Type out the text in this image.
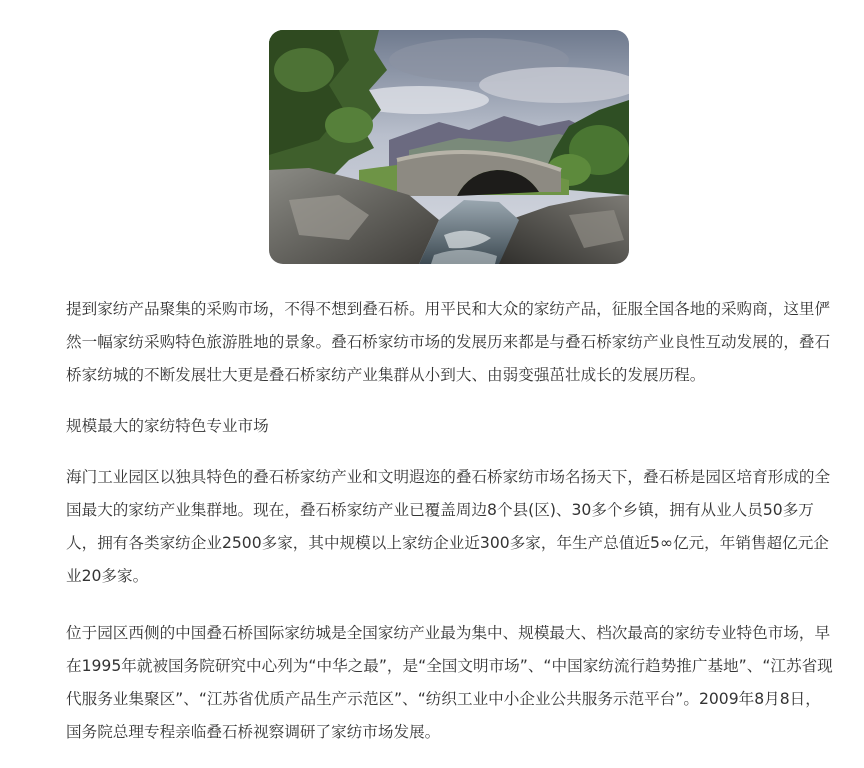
提到家纺产品聚集的采购市场，不得不想到叠石桥。用平民和大众的家纺产品，征服全国各地的采购商，这里俨然一幅家纺采购特色旅游胜地的景象。叠石桥家纺市场的发展历来都是与叠石桥家纺产业良性互动发展的，叠石桥家纺城的不断发展壮大更是叠石桥家纺产业集群从小到大、由弱变强茁壮成长的发展历程。

规模最大的家纺特色专业市场

海门工业园区以独具特色的叠石桥家纺产业和文明遐迩的叠石桥家纺市场名扬天下，叠石桥是园区培育形成的全国最大的家纺产业集群地。现在，叠石桥家纺产业已覆盖周边8个县(区)、30多个乡镇，拥有从业人员50多万人，拥有各类家纺企业2500多家，其中规模以上家纺企业近300多家，年生产总值近5∞亿元，年销售超亿元企业20多家。

位于园区西侧的中国叠石桥国际家纺城是全国家纺产业最为集中、规模最大、档次最高的家纺专业特色市场，早在1995年就被国务院研究中心列为“中华之最”，是“全国文明市场”、“中国家纺流行趋势推广基地”、“江苏省现代服务业集聚区”、“江苏省优质产品生产示范区”、“纺织工业中小企业公共服务示范平台”。2009年8月8日，国务院总理专程亲临叠石桥视察调研了家纺市场发展。
